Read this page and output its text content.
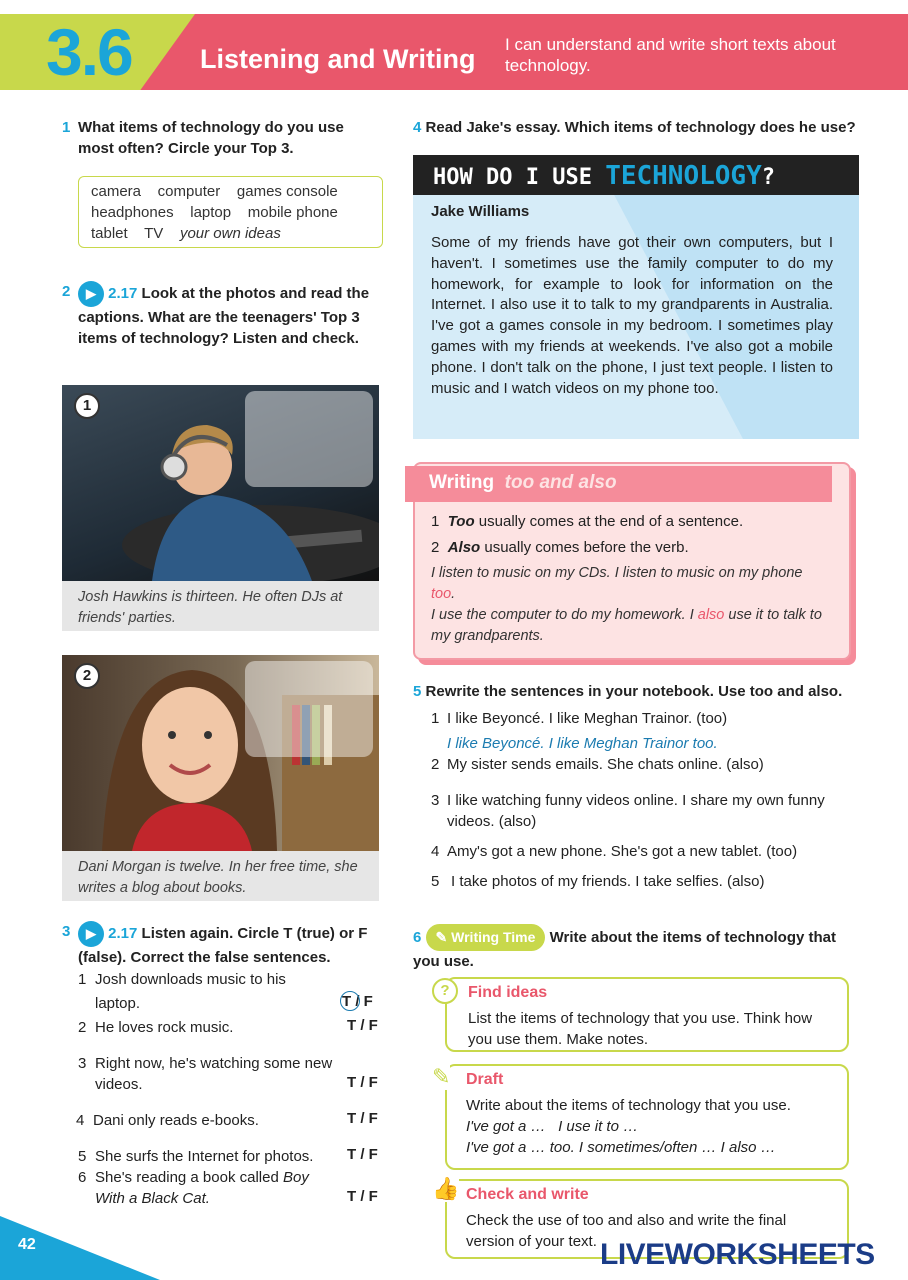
3.6	Listening and Writing I can understand and write short texts about technology.
1 What items of technology do you use most often? Circle your Top 3.
camera    computer    games console
headphones    laptop    mobile phone
tablet    TV    your own ideas
2	▶ 2.17 Look at the photos and read the captions. What are the teenagers' Top 3 items of technology? Listen and check.
1
Josh Hawkins is thirteen. He often DJs at friends' parties.
2
Dani Morgan is twelve. In her free time, she writes a blog about books.
3	▶ 2.17 Listen again. Circle T (true) or F (false). Correct the false sentences.
1 Josh downloads music to his
laptop.	T / F
2 He loves rock music.	T / F
3 Right now, he's watching some new
videos.	T / F
4 Dani only reads e-books.	T / F
5 She surfs the Internet for photos. T / F
6 She's reading a book called Boy
With a Black Cat.	T / F
4 Read Jake's essay. Which items of technology does he use?
HOW DO I USE TECHNOLOGY?
Jake Williams
Some of my friends have got their own computers, but I haven't. I sometimes use the family computer to do my homework, for example to look for information on the Internet. I also use it to talk to my grandparents in Australia. I've got a games console in my bedroom. I sometimes play games with my friends at weekends. I've also got a mobile phone. I don't talk on the phone, I just text people. I listen to music and I watch videos on my phone too.
Writing too and also
1 Too usually comes at the end of a sentence.
2 Also usually comes before the verb.
I listen to music on my CDs. I listen to music on my phone too.
I use the computer to do my homework. I also use it to talk to my grandparents.
5 Rewrite the sentences in your notebook. Use too and also.
1 I like Beyoncé. I like Meghan Trainor. (too)
I like Beyoncé. I like Meghan Trainor too.
2 My sister sends emails. She chats online. (also)
3 I like watching funny videos online. I share my own funny videos. (also)
4 Amy's got a new phone. She's got a new tablet. (too)
5 I take photos of my friends. I take selfies. (also)
6 ✎ Writing Time Write about the items of technology that you use.
?	Find ideas
List the items of technology that you use. Think how you use them. Make notes.
✎ Draft
Write about the items of technology that you use.
I've got a …   I use it to …
I've got a … too. I sometimes/often … I also …
👍 Check and write
Check the use of too and also and write the final version of your text.
42	LIVEWORKSHEETS
